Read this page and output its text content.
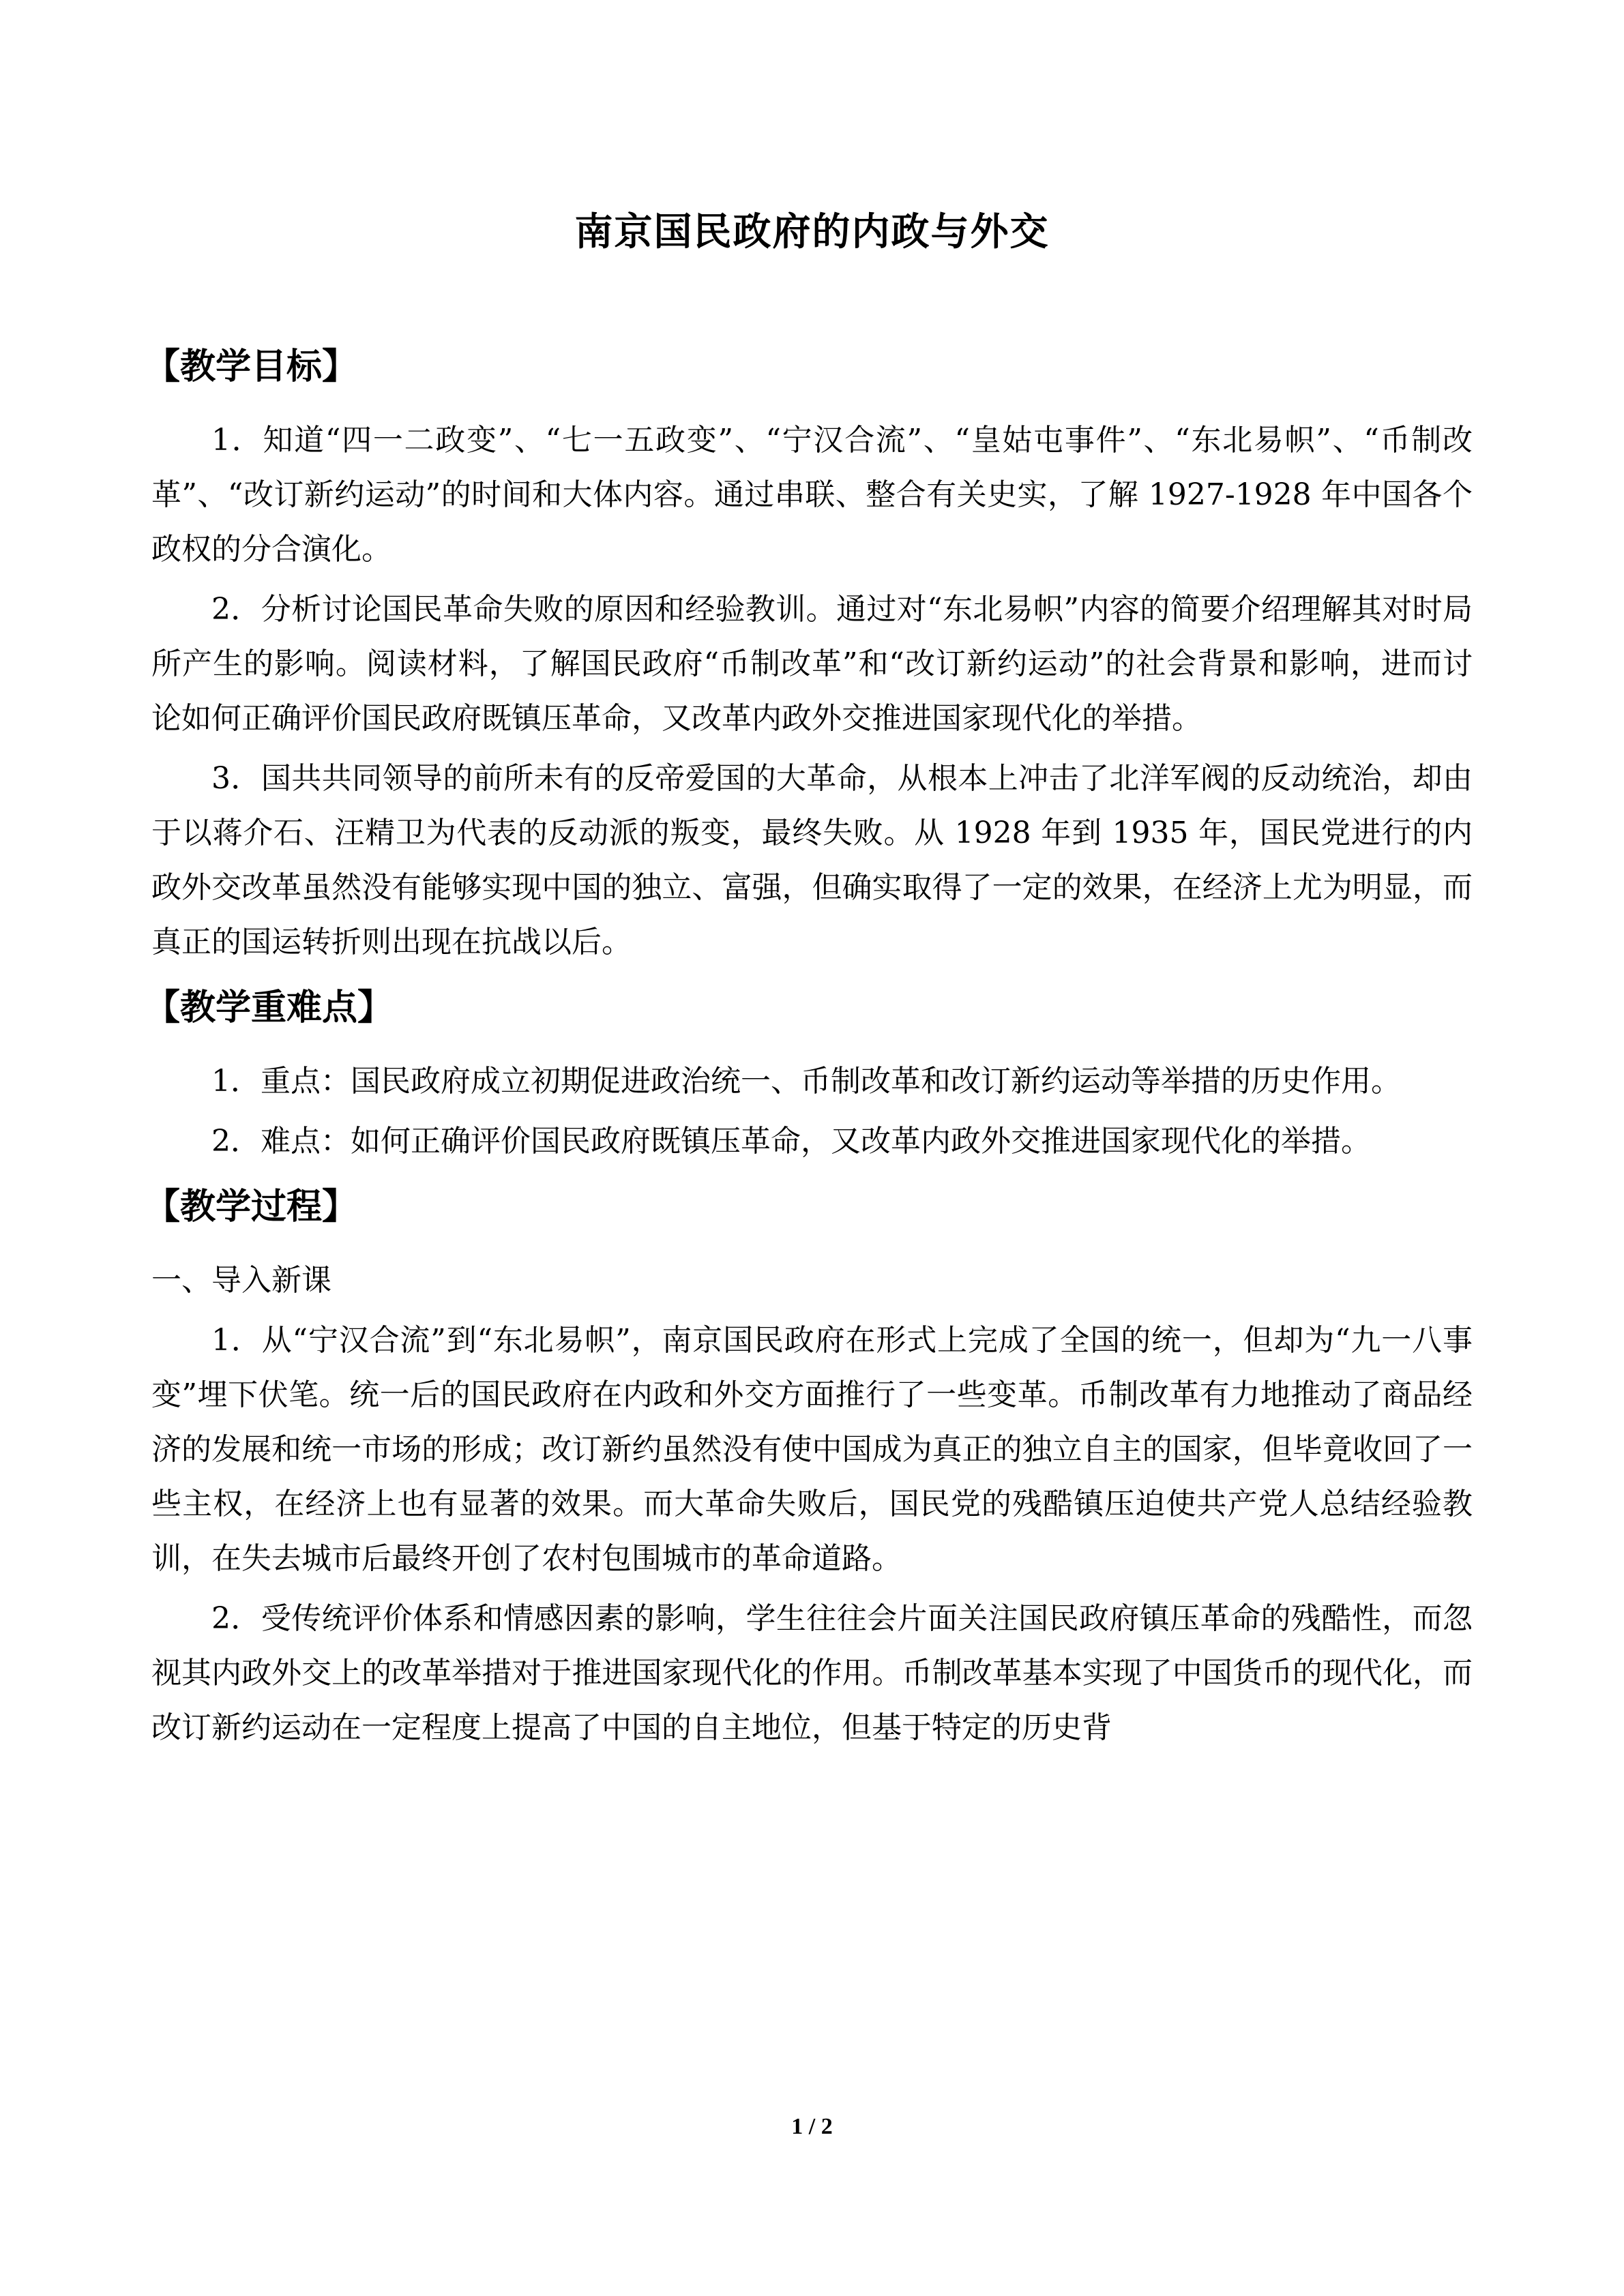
南京国民政府的内政与外交
【教学目标】

1．知道“四一二政变”、“七一五政变”、“宁汉合流”、“皇姑屯事件”、“东北易帜”、“币制改革”、“改订新约运动”的时间和大体内容。通过串联、整合有关史实，了解 1927-1928 年中国各个政权的分合演化。

2．分析讨论国民革命失败的原因和经验教训。通过对“东北易帜”内容的简要介绍理解其对时局所产生的影响。阅读材料，了解国民政府“币制改革”和“改订新约运动”的社会背景和影响，进而讨论如何正确评价国民政府既镇压革命，又改革内政外交推进国家现代化的举措。

3．国共共同领导的前所未有的反帝爱国的大革命，从根本上冲击了北洋军阀的反动统治，却由于以蒋介石、汪精卫为代表的反动派的叛变，最终失败。从 1928 年到 1935 年，国民党进行的内政外交改革虽然没有能够实现中国的独立、富强，但确实取得了一定的效果，在经济上尤为明显，而真正的国运转折则出现在抗战以后。

【教学重难点】

1．重点：国民政府成立初期促进政治统一、币制改革和改订新约运动等举措的历史作用。

2．难点：如何正确评价国民政府既镇压革命，又改革内政外交推进国家现代化的举措。

【教学过程】
一、导入新课

1．从“宁汉合流”到“东北易帜”，南京国民政府在形式上完成了全国的统一，但却为“九一八事变”埋下伏笔。统一后的国民政府在内政和外交方面推行了一些变革。币制改革有力地推动了商品经济的发展和统一市场的形成；改订新约虽然没有使中国成为真正的独立自主的国家，但毕竟收回了一些主权，在经济上也有显著的效果。而大革命失败后，国民党的残酷镇压迫使共产党人总结经验教训，在失去城市后最终开创了农村包围城市的革命道路。

2．受传统评价体系和情感因素的影响，学生往往会片面关注国民政府镇压革命的残酷性，而忽视其内政外交上的改革举措对于推进国家现代化的作用。币制改革基本实现了中国货币的现代化，而改订新约运动在一定程度上提高了中国的自主地位，但基于特定的历史背

1 / 2
